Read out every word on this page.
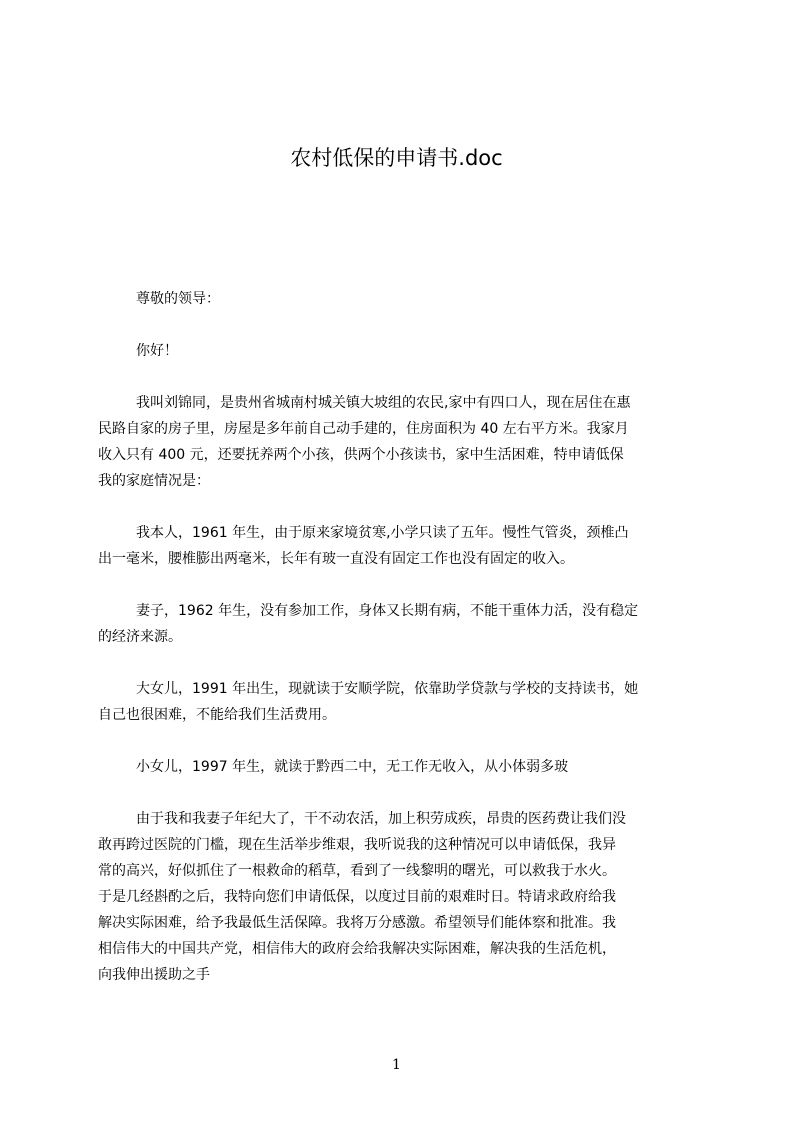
农村低保的申请书.doc

尊敬的领导：

你好！

我叫刘锦同，是贵州省城南村城关镇大坡组的农民,家中有四口人，现在居住在惠
民路自家的房子里，房屋是多年前自己动手建的，住房面积为 40 左右平方米。我家月
收入只有 400 元，还要抚养两个小孩，供两个小孩读书，家中生活困难，特申请低保
我的家庭情况是：

我本人，1961 年生，由于原来家境贫寒,小学只读了五年。慢性气管炎，颈椎凸
出一毫米，腰椎膨出两毫米，长年有玻一直没有固定工作也没有固定的收入。

妻子，1962 年生，没有参加工作，身体又长期有病，不能干重体力活，没有稳定
的经济来源。

大女儿，1991 年出生，现就读于安顺学院，依靠助学贷款与学校的支持读书，她
自己也很困难，不能给我们生活费用。

小女儿，1997 年生，就读于黔西二中，无工作无收入，从小体弱多玻

由于我和我妻子年纪大了，干不动农活，加上积劳成疾，昂贵的医药费让我们没
敢再跨过医院的门槛，现在生活举步维艰，我听说我的这种情况可以申请低保，我异
常的高兴，好似抓住了一根救命的稻草，看到了一线黎明的曙光，可以救我于水火。
于是几经斟酌之后，我特向您们申请低保，以度过目前的艰难时日。特请求政府给我
解决实际困难，给予我最低生活保障。我将万分感激。希望领导们能体察和批准。我
相信伟大的中国共产党，相信伟大的政府会给我解决实际困难，解决我的生活危机，
向我伸出援助之手

1
